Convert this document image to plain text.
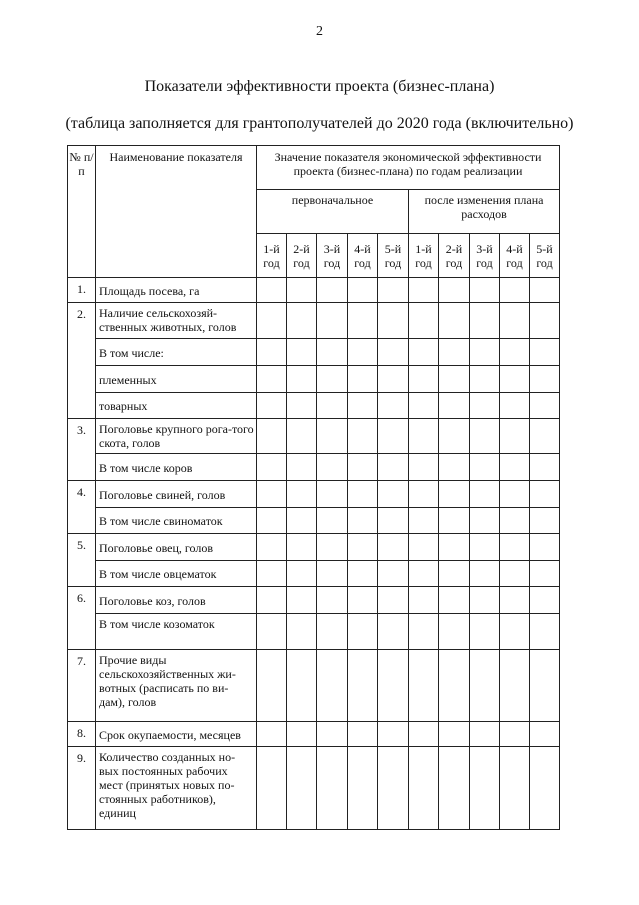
2
Показатели эффективности проекта (бизнес-плана)
(таблица заполняется для грантополучателей до 2020 года (включительно)
№ п/п	Наименование показателя	Значение показателя экономической эффективности проекта (бизнес-плана) по годам реализации									
		первоначальное					после изменения плана расходов				
		1-й год	2-й год	3-й год	4-й год	5-й год	1-й год	2-й год	3-й год	4-й год	5-й год
1.	Площадь посева, га										
2.	Наличие сельскохозяй-ственных животных, голов										
	В том числе:										
	племенных										
	товарных										
3.	Поголовье крупного рога-того скота, голов										
	В том числе коров										
4.	Поголовье свиней, голов										
	В том числе свиноматок										
5.	Поголовье овец, голов										
	В том числе овцематок										
6.	Поголовье коз, голов										
	В том числе козоматок										
7.	Прочие виды сельскохозяйственных жи-вотных (расписать по ви-дам), голов										
8.	Срок окупаемости, месяцев										
9.	Количество созданных но-вых постоянных рабочих мест (принятых новых по-стоянных работников), единиц										
